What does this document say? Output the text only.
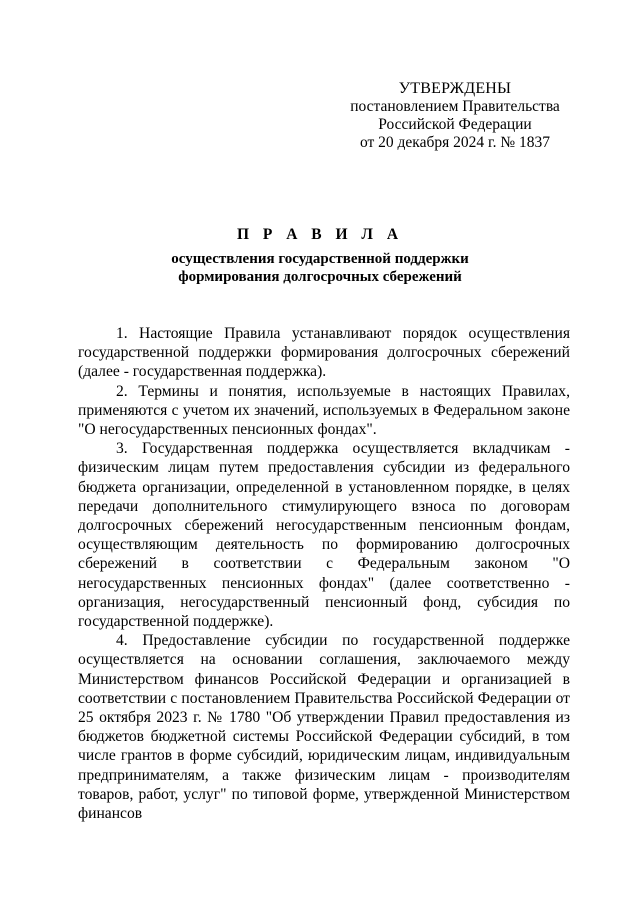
УТВЕРЖДЕНЫ
постановлением Правительства
Российской Федерации
от 20 декабря 2024 г. № 1837
П Р А В И Л А
осуществления государственной поддержки
формирования долгосрочных сбережений

1. Настоящие Правила устанавливают порядок осуществления государственной поддержки формирования долгосрочных сбережений (далее - государственная поддержка).

2. Термины и понятия, используемые в настоящих Правилах, применяются с учетом их значений, используемых в Федеральном законе "О негосударственных пенсионных фондах".

3. Государственная поддержка осуществляется вкладчикам - физическим лицам путем предоставления субсидии из федерального бюджета организации, определенной в установленном порядке, в целях передачи дополнительного стимулирующего взноса по договорам долгосрочных сбережений негосударственным пенсионным фондам, осуществляющим деятельность по формированию долгосрочных сбережений в соответствии с Федеральным законом "О негосударственных пенсионных фондах" (далее соответственно - организация, негосударственный пенсионный фонд, субсидия по государственной поддержке).

4. Предоставление субсидии по государственной поддержке осуществляется на основании соглашения, заключаемого между Министерством финансов Российской Федерации и организацией в соответствии с постановлением Правительства Российской Федерации от 25 октября 2023 г. № 1780 "Об утверждении Правил предоставления из бюджетов бюджетной системы Российской Федерации субсидий, в том числе грантов в форме субсидий, юридическим лицам, индивидуальным предпринимателям, а также физическим лицам - производителям товаров, работ, услуг" по типовой форме, утвержденной Министерством финансов
